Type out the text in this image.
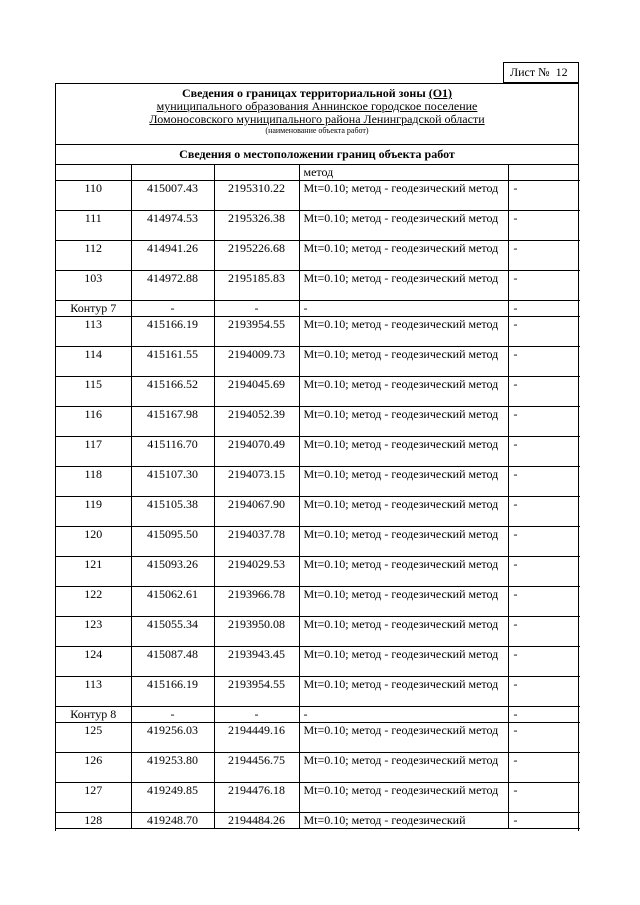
Лист № 12
Сведения о границах территориальной зоны (О1)
муниципального образования Аннинское городское поселение
Ломоносовского муниципального района Ленинградской области
(наименование объекта работ)
Сведения о местоположении границ объекта работ
			метод	
110	415007.43	2195310.22	Mt=0.10; метод - геодезический метод	-
111	414974.53	2195326.38	Mt=0.10; метод - геодезический метод	-
112	414941.26	2195226.68	Mt=0.10; метод - геодезический метод	-
103	414972.88	2195185.83	Mt=0.10; метод - геодезический метод	-
Контур 7	-	-	-	-
113	415166.19	2193954.55	Mt=0.10; метод - геодезический метод	-
114	415161.55	2194009.73	Mt=0.10; метод - геодезический метод	-
115	415166.52	2194045.69	Mt=0.10; метод - геодезический метод	-
116	415167.98	2194052.39	Mt=0.10; метод - геодезический метод	-
117	415116.70	2194070.49	Mt=0.10; метод - геодезический метод	-
118	415107.30	2194073.15	Mt=0.10; метод - геодезический метод	-
119	415105.38	2194067.90	Mt=0.10; метод - геодезический метод	-
120	415095.50	2194037.78	Mt=0.10; метод - геодезический метод	-
121	415093.26	2194029.53	Mt=0.10; метод - геодезический метод	-
122	415062.61	2193966.78	Mt=0.10; метод - геодезический метод	-
123	415055.34	2193950.08	Mt=0.10; метод - геодезический метод	-
124	415087.48	2193943.45	Mt=0.10; метод - геодезический метод	-
113	415166.19	2193954.55	Mt=0.10; метод - геодезический метод	-
Контур 8	-	-	-	-
125	419256.03	2194449.16	Mt=0.10; метод - геодезический метод	-
126	419253.80	2194456.75	Mt=0.10; метод - геодезический метод	-
127	419249.85	2194476.18	Mt=0.10; метод - геодезический метод	-
128	419248.70	2194484.26	Mt=0.10; метод - геодезический	-
